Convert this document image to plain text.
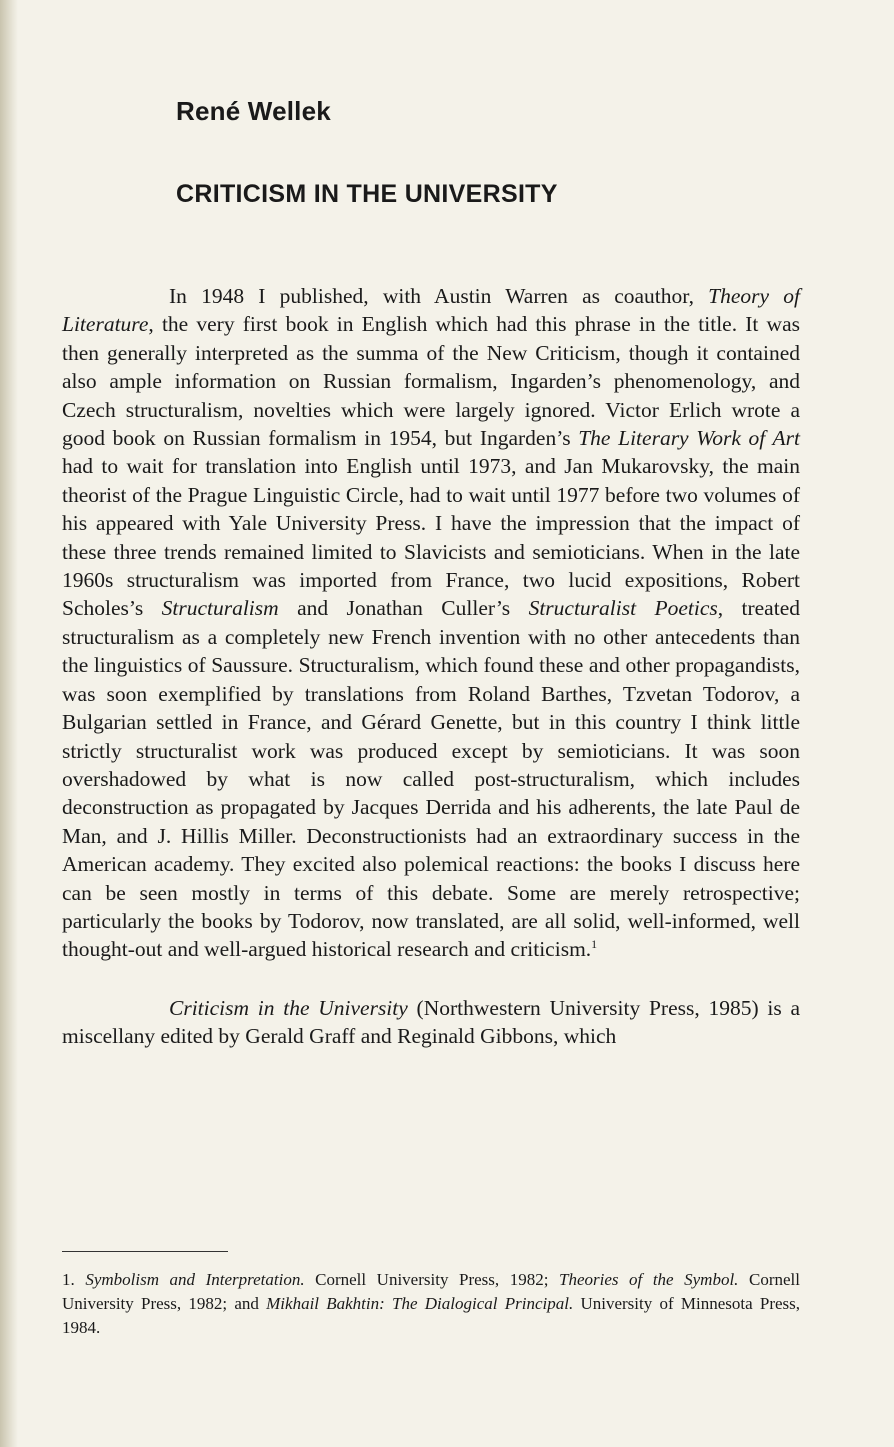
René Wellek
CRITICISM IN THE UNIVERSITY

In 1948 I published, with Austin Warren as coauthor, Theory of Literature, the very first book in English which had this phrase in the title. It was then generally interpreted as the summa of the New Criticism, though it contained also ample information on Russian formalism, Ingarden’s phenomenology, and Czech structuralism, novelties which were largely ignored. Victor Erlich wrote a good book on Russian formalism in 1954, but Ingarden’s The Literary Work of Art had to wait for translation into English until 1973, and Jan Mukarovsky, the main theorist of the Prague Linguistic Circle, had to wait until 1977 before two volumes of his appeared with Yale University Press. I have the impression that the impact of these three trends remained limited to Slavicists and semioticians. When in the late 1960s structuralism was imported from France, two lucid expositions, Robert Scholes’s Structuralism and Jonathan Culler’s Structuralist Poetics, treated structuralism as a completely new French invention with no other antecedents than the linguistics of Saussure. Structuralism, which found these and other propagandists, was soon exemplified by translations from Roland Barthes, Tzvetan Todorov, a Bulgarian settled in France, and Gérard Genette, but in this country I think little strictly structuralist work was produced except by semioticians. It was soon overshadowed by what is now called post-structuralism, which includes deconstruction as propagated by Jacques Derrida and his adherents, the late Paul de Man, and J. Hillis Miller. Deconstructionists had an extraordinary success in the American academy. They excited also polemical reactions: the books I discuss here can be seen mostly in terms of this debate. Some are merely retrospective; particularly the books by Todorov, now translated, are all solid, well-informed, well thought-out and well-argued historical research and criticism.$^1$

Criticism in the University (Northwestern University Press, 1985) is a miscellany edited by Gerald Graff and Reginald Gibbons, which

1. Symbolism and Interpretation. Cornell University Press, 1982; Theories of the Symbol. Cornell University Press, 1982; and Mikhail Bakhtin: The Dialogical Principal. University of Minnesota Press, 1984.
